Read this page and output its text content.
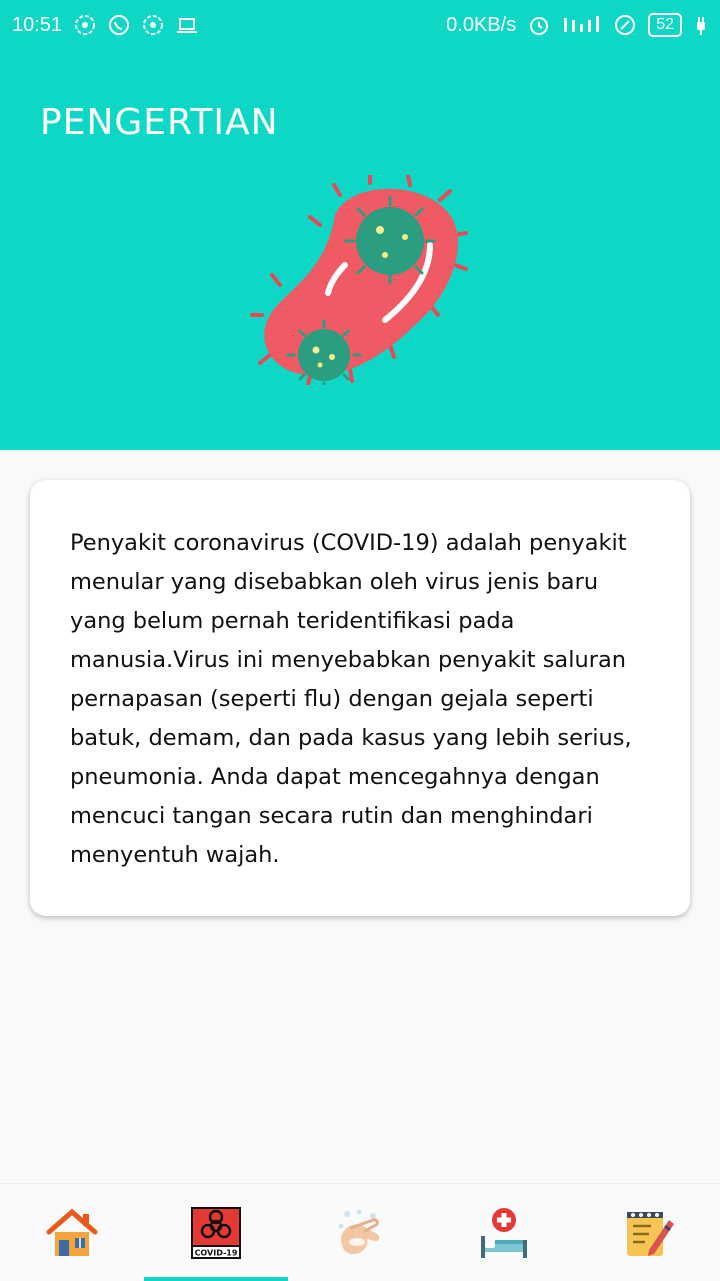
10:51	0.0KB/s	52
PENGERTIAN

Penyakit coronavirus (COVID-19) adalah penyakit menular yang disebabkan oleh virus jenis baru yang belum pernah teridentifikasi pada manusia.Virus ini menyebabkan penyakit saluran pernapasan (seperti flu) dengan gejala seperti batuk, demam, dan pada kasus yang lebih serius, pneumonia. Anda dapat mencegahnya dengan mencuci tangan secara rutin dan menghindari menyentuh wajah.

COVID-19
